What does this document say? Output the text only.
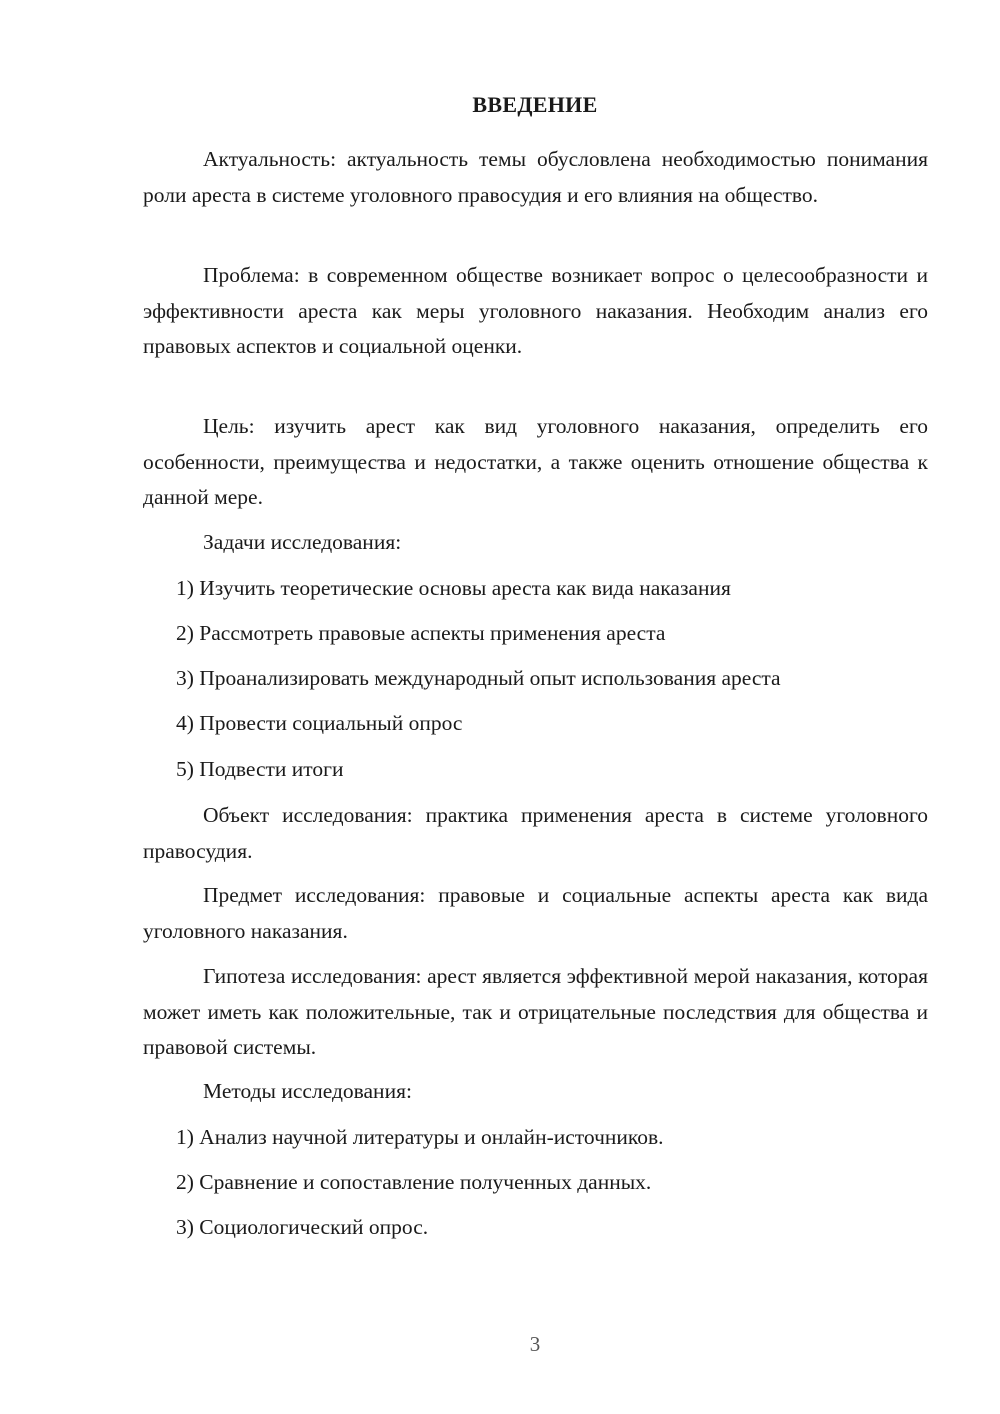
ВВЕДЕНИЕ

Актуальность: актуальность темы обусловлена необходимостью понимания роли ареста в системе уголовного правосудия и его влияния на общество.

Проблема: в современном обществе возникает вопрос о целесообразности и эффективности ареста как меры уголовного наказания. Необходим анализ его правовых аспектов и социальной оценки.

Цель: изучить арест как вид уголовного наказания, определить его особенности, преимущества и недостатки, а также оценить отношение общества к данной мере.

Задачи исследования:

1) Изучить теоретические основы ареста как вида наказания

2) Рассмотреть правовые аспекты применения ареста

3) Проанализировать международный опыт использования ареста

4) Провести социальный опрос

5) Подвести итоги

Объект исследования: практика применения ареста в системе уголовного правосудия.

Предмет исследования: правовые и социальные аспекты ареста как вида уголовного наказания.

Гипотеза исследования: арест является эффективной мерой наказания, которая может иметь как положительные, так и отрицательные последствия для общества и правовой системы.

Методы исследования:

1) Анализ научной литературы и онлайн-источников.

2) Сравнение и сопоставление полученных данных.

3) Социологический опрос.

3
